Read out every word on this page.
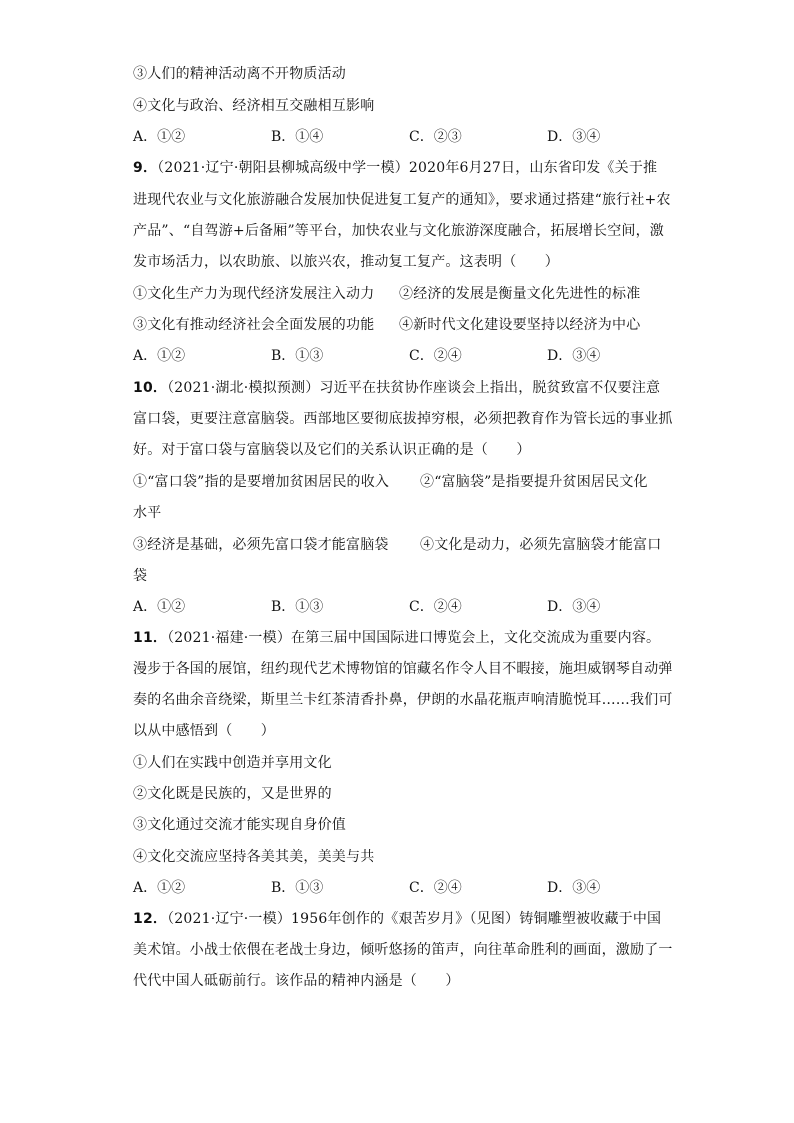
③人们的精神活动离不开物质活动
④文化与政治、经济相互交融相互影响
A．①②	B．①④	C．②③	D．③④
9．（2021·辽宁·朝阳县柳城高级中学一模）2020年6月27日，山东省印发《关于推
进现代农业与文化旅游融合发展加快促进复工复产的通知》，要求通过搭建“旅行社+农
产品”、“自驾游+后备厢”等平台，加快农业与文化旅游深度融合，拓展增长空间，激
发市场活力，以农助旅、以旅兴农，推动复工复产。这表明（　　）
①文化生产力为现代经济发展注入动力 ②经济的发展是衡量文化先进性的标准
③文化有推动经济社会全面发展的功能 ④新时代文化建设要坚持以经济为中心
A．①②	B．①③	C．②④	D．③④
10．（2021·湖北·模拟预测）习近平在扶贫协作座谈会上指出，脱贫致富不仅要注意
富口袋，更要注意富脑袋。西部地区要彻底拔掉穷根，必须把教育作为管长远的事业抓
好。对于富口袋与富脑袋以及它们的关系认识正确的是（　　）
①“富口袋”指的是要增加贫困居民的收入 ②“富脑袋”是指要提升贫困居民文化
水平
③经济是基础，必须先富口袋才能富脑袋 ④文化是动力，必须先富脑袋才能富口
袋
A．①②	B．①③	C．②④	D．③④
11．（2021·福建·一模）在第三届中国国际进口博览会上，文化交流成为重要内容。
漫步于各国的展馆，纽约现代艺术博物馆的馆藏名作令人目不暇接，施坦威钢琴自动弹
奏的名曲余音绕梁，斯里兰卡红茶清香扑鼻，伊朗的水晶花瓶声响清脆悦耳……我们可
以从中感悟到（　　）
①人们在实践中创造并享用文化
②文化既是民族的，又是世界的
③文化通过交流才能实现自身价值
④文化交流应坚持各美其美，美美与共
A．①②	B．①③	C．②④	D．③④
12．（2021·辽宁·一模）1956年创作的《艰苦岁月》（见图）铸铜雕塑被收藏于中国
美术馆。小战士依偎在老战士身边，倾听悠扬的笛声，向往革命胜利的画面，激励了一
代代中国人砥砺前行。该作品的精神内涵是（　　）
